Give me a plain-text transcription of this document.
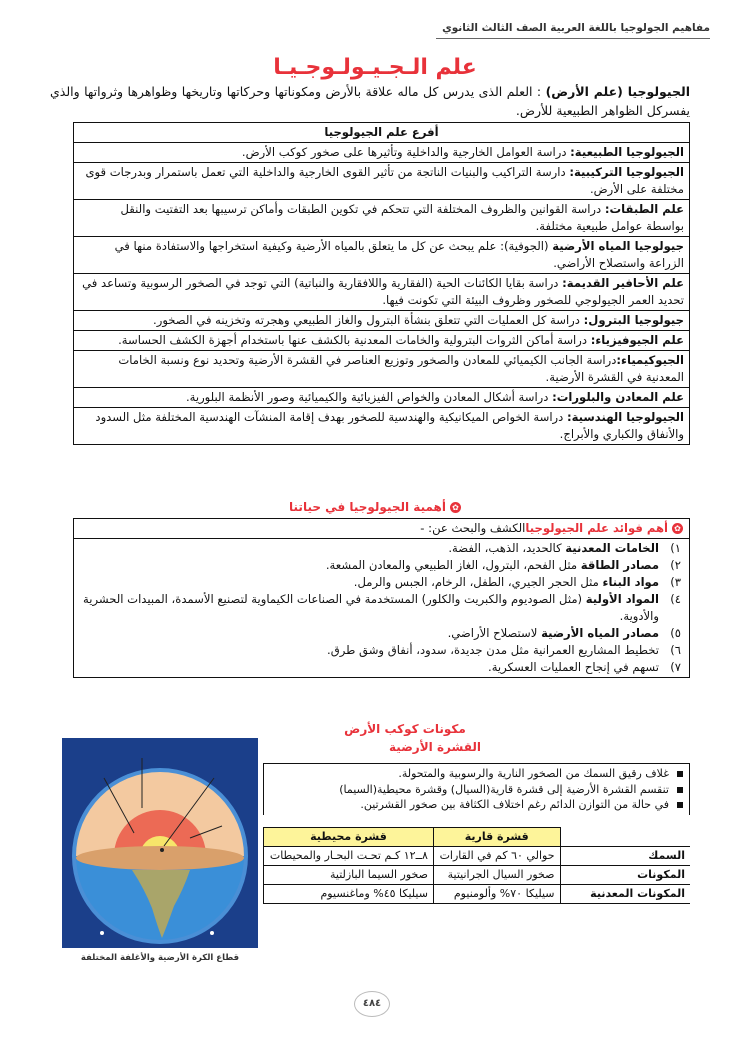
مفاهيم الجولوجيا باللغة العربية الصف الثالث الثانوي
علم الـجـيـولـوجـيـا
الجيولوجيا (علم الأرض) : العلم الذى يدرس كل ماله علاقة بالأرض ومكوناتها وحركاتها وتاريخها وظواهرها وثرواتها والذي يفسركل الظواهر الطبيعية للأرض.
أفرع علم الجيولوجيا
الجيولوجيا الطبيعية: دراسة العوامل الخارجية والداخلية وتأثيرها على صخور كوكب الأرض.
الجيولوجيا التركيبية: دارسة التراكيب والبنيات الناتجة من تأثير القوى الخارجية والداخلية التي تعمل باستمرار وبدرجات قوى مختلفة على الأرض.
علم الطبقات: دراسة القوانين والظروف المختلفة التي تتحكم في تكوين الطبقات وأماكن ترسيبها بعد التفتيت والنقل بواسطة عوامل طبيعية مختلفة.
جيولوجيا المياه الأرضية (الجوفية): علم يبحث عن كل ما يتعلق بالمياه الأرضية وكيفية استخراجها والاستفادة منها في الزراعة واستصلاح الأراضي.
علم الأحافير القديمة: دراسة بقايا الكائنات الحية (الفقارية واللافقارية والنباتية) التي توجد في الصخور الرسوبية وتساعد في تحديد العمر الجيولوجي للصخور وظروف البيئة التي تكونت فيها.
جيولوجيا البترول: دراسة كل العمليات التي تتعلق بنشأة البترول والغاز الطبيعي وهجرته وتخزينه في الصخور.
علم الجيوفيزياء: دراسة أماكن الثروات البترولية والخامات المعدنية بالكشف عنها باستخدام أجهزة الكشف الحساسة.
الجيوكيمياء:دراسة الجانب الكيميائي للمعادن والصخور وتوزيع العناصر في القشرة الأرضية وتحديد نوع ونسبة الخامات المعدنية في القشرة الأرضية.
علم المعادن والبلورات: دراسة أشكال المعادن والخواص الفيزيائية والكيميائية وصور الأنظمة البلورية.
الجيولوجيا الهندسية: دراسة الخواص الميكانيكية والهندسية للصخور بهدف إقامة المنشآت الهندسية المختلفة مثل السدود والأنفاق والكباري والأبراج.
✿أهمية الجيولوجيا في حياتنا
✿أهم فوائد علم الجيولوجياالكشف والبحث عن: -

١)
الخامات المعدنية كالحديد، الذهب، الفضة.
٢)
مصادر الطاقة مثل الفحم، البترول، الغاز الطبيعي والمعادن المشعة.
٣)
مواد البناء مثل الحجر الجيري، الطفل، الرخام، الجبس والرمل.
٤)
المواد الأولية (مثل الصوديوم والكبريت والكلور) المستخدمة في الصناعات الكيماوية لتصنيع الأسمدة، المبيدات الحشرية والأدوية.
٥)
مصادر المياه الأرضية لاستصلاح الأراضي.
٦)
تخطيط المشاريع العمرانية مثل مدن جديدة، سدود، أنفاق وشق طرق.
٧)
تسهم في إنجاح العمليات العسكرية.
مكونات كوكب الأرض
القشرة الأرضية
غلاف رقيق السمك من الصخور النارية والرسوبية والمتحولة.
تنقسم القشرة الأرضية إلى قشرة قارية(السيال) وقشرة محيطية(السيما)
في حالة من التوازن الدائم رغم اختلاف الكثافة بين صخور القشرتين.
	قشرة قارية	قشرة محيطية
السمك	حوالي ٦٠ كم في القارات	٨ــ١٢ كـم تحـت البحـار والمحيطات
المكونات	صخور السيال الجرانيتية	صخور السيما البازلتية
المكونات المعدنية	سيليكا ٧٠% وألومنيوم	سيليكا ٤٥% وماغنسيوم
قطاع الكرة الأرضية والأغلفة المختلفة
٤٨٤
